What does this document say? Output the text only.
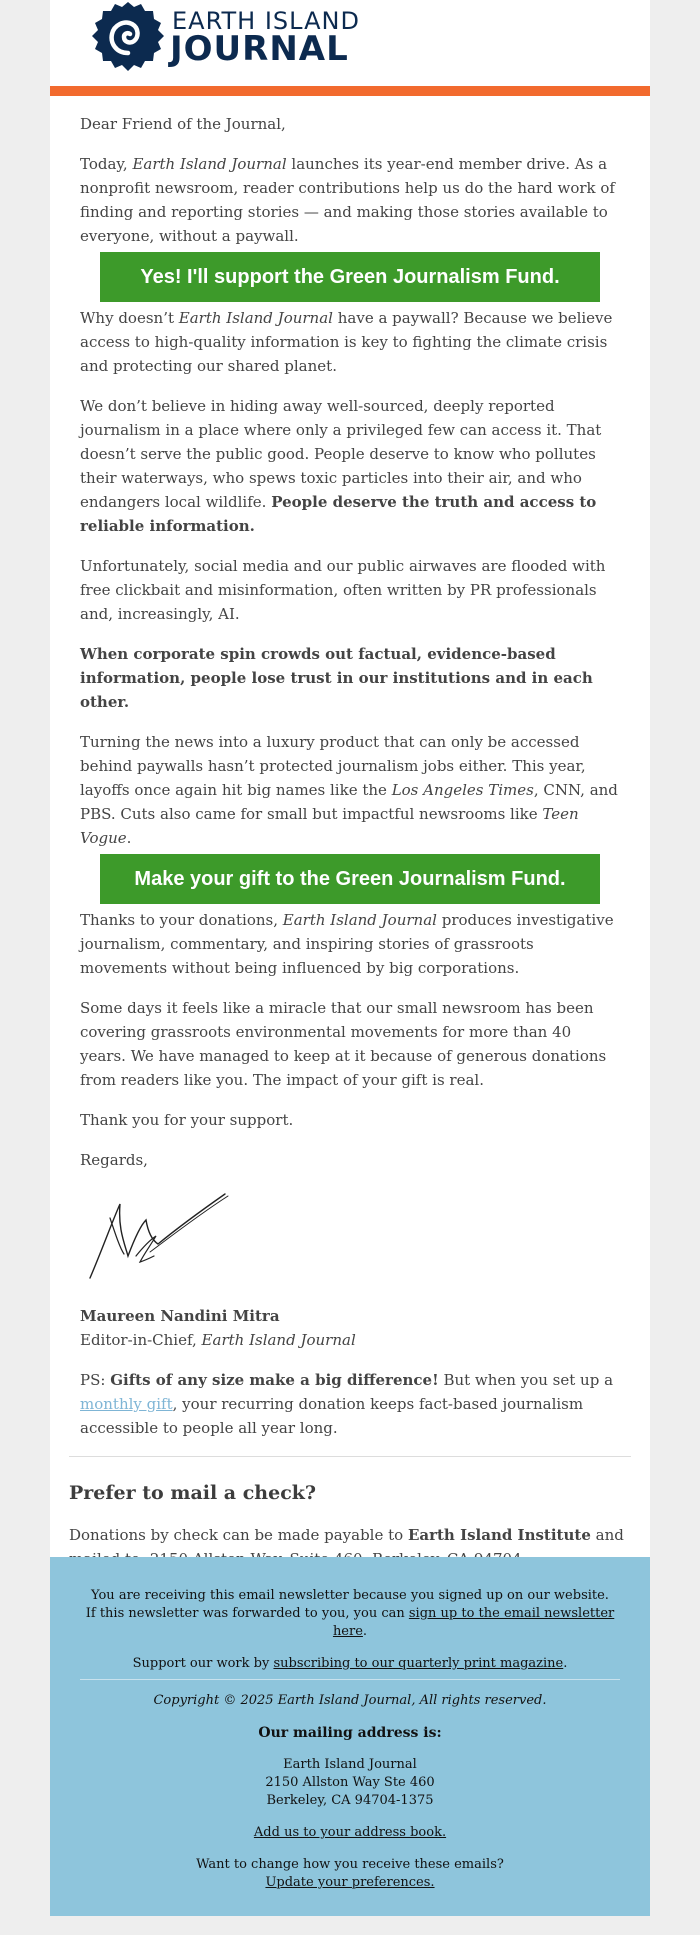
EARTH ISLAND
JOURNAL

Dear Friend of the Journal,

Today, Earth Island Journal launches its year-end member drive. As a nonprofit newsroom, reader contributions help us do the hard work of finding and reporting stories — and making those stories available to everyone, without a paywall.

Yes! I'll support the Green Journalism Fund.

Why doesn’t Earth Island Journal have a paywall? Because we believe access to high-quality information is key to fighting the climate crisis and protecting our shared planet.

We don’t believe in hiding away well-sourced, deeply reported journalism in a place where only a privileged few can access it. That doesn’t serve the public good. People deserve to know who pollutes their waterways, who spews toxic particles into their air, and who endangers local wildlife. People deserve the truth and access to reliable information.

Unfortunately, social media and our public airwaves are flooded with free clickbait and misinformation, often written by PR professionals and, increasingly, AI.

When corporate spin crowds out factual, evidence-based information, people lose trust in our institutions and in each other.

Turning the news into a luxury product that can only be accessed behind paywalls hasn’t protected journalism jobs either. This year, layoffs once again hit big names like the Los Angeles Times, CNN, and PBS. Cuts also came for small but impactful newsrooms like Teen Vogue.

Make your gift to the Green Journalism Fund.

Thanks to your donations, Earth Island Journal produces investigative journalism, commentary, and inspiring stories of grassroots movements without being influenced by big corporations.

Some days it feels like a miracle that our small newsroom has been covering grassroots environmental movements for more than 40 years. We have managed to keep at it because of generous donations from readers like you. The impact of your gift is real.

Thank you for your support.

Regards,

Maureen Nandini Mitra
Editor-in-Chief, Earth Island Journal

PS: Gifts of any size make a big difference! But when you set up a monthly gift, your recurring donation keeps fact-based journalism accessible to people all year long.

Prefer to mail a check?

Donations by check can be made payable to Earth Island Institute and

You are receiving this email newsletter because you signed up on our website.
If this newsletter was forwarded to you, you can sign up to the email newsletter here.

Support our work by subscribing to our quarterly print magazine.

Copyright © 2025 Earth Island Journal, All rights reserved.

Our mailing address is:

Earth Island Journal
2150 Allston Way Ste 460
Berkeley, CA 94704-1375

Add us to your address book.

Want to change how you receive these emails?
Update your preferences.
